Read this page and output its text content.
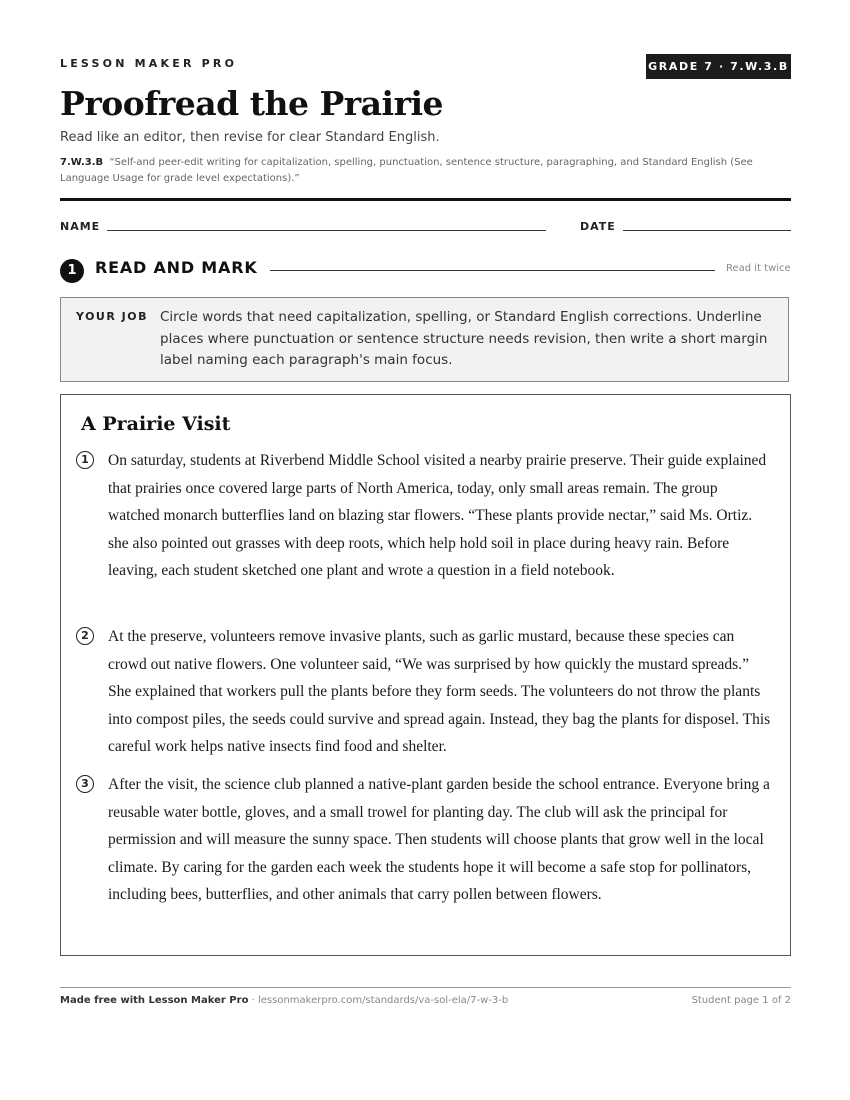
LESSON MAKER PRO	GRADE 7 · 7.W.3.B
Proofread the Prairie
Read like an editor, then revise for clear Standard English.
7.W.3.B “Self-and peer-edit writing for capitalization, spelling, punctuation, sentence structure, paragraphing, and Standard English (See Language Usage for grade level expectations).”
NAME	DATE
1	READ AND MARK	Read it twice
YOUR JOB Circle words that need capitalization, spelling, or Standard English corrections. Underline places where punctuation or sentence structure needs revision, then write a short margin label naming each paragraph's main focus.
A Prairie Visit
1	On saturday, students at Riverbend Middle School visited a nearby prairie preserve. Their guide explained that prairies once covered large parts of North America, today, only small areas remain. The group watched monarch butterflies land on blazing star flowers. “These plants provide nectar,” said Ms. Ortiz. she also pointed out grasses with deep roots, which help hold soil in place during heavy rain. Before leaving, each student sketched one plant and wrote a question in a field notebook.

2	At the preserve, volunteers remove invasive plants, such as garlic mustard, because these species can crowd out native flowers. One volunteer said, “We was surprised by how quickly the mustard spreads.” She explained that workers pull the plants before they form seeds. The volunteers do not throw the plants into compost piles, the seeds could survive and spread again. Instead, they bag the plants for disposel. This careful work helps native insects find food and shelter.

3	After the visit, the science club planned a native-plant garden beside the school entrance. Everyone bring a reusable water bottle, gloves, and a small trowel for planting day. The club will ask the principal for permission and will measure the sunny space. Then students will choose plants that grow well in the local climate. By caring for the garden each week the students hope it will become a safe stop for pollinators, including bees, butterflies, and other animals that carry pollen between flowers.

Made free with Lesson Maker Pro · lessonmakerpro.com/standards/va-sol-ela/7-w-3-b	Student page 1 of 2
